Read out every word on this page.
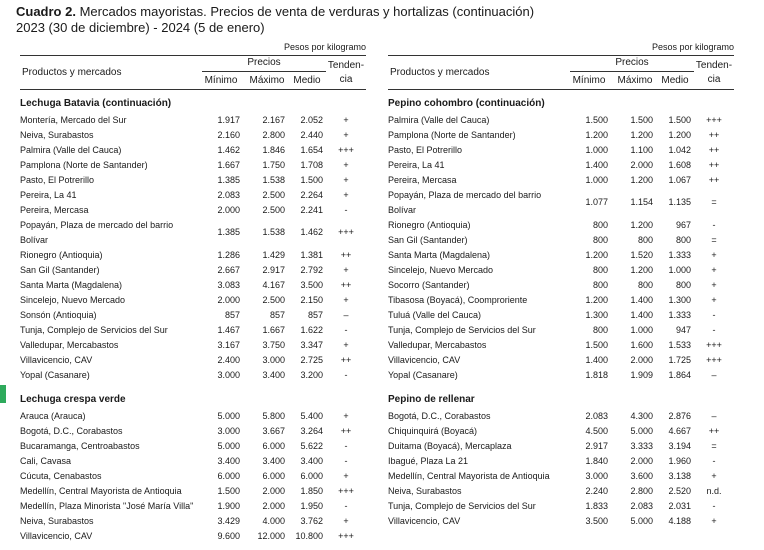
Cuadro 2. Mercados mayoristas. Precios de venta de verduras y hortalizas (continuación)
2023 (30 de diciembre) - 2024 (5 de enero)
Pesos por kilogramo
Productos y mercados
Precios
Mínimo	Máximo Medio
Tenden-
cia
Lechuga Batavia (continuación)
Montería, Mercado del Sur	1.917 2.167 2.052	+
Neiva, Surabastos	2.160 2.800 2.440	+
Palmira (Valle del Cauca)	1.462 1.846 1.654	+++
Pamplona (Norte de Santander)	1.667 1.750 1.708	+
Pasto, El Potrerillo	1.385 1.538 1.500	+
Pereira, La 41	2.083 2.500 2.264	+
Pereira, Mercasa	2.000 2.500 2.241	-
Popayán, Plaza de mercado del barrio Bolívar
1.385 1.538 1.462	+++
Rionegro (Antioquia)	1.286 1.429 1.381	++
San Gil (Santander)	2.667 2.917 2.792	+
Santa Marta (Magdalena)	3.083 4.167 3.500	++
Sincelejo, Nuevo Mercado	2.000 2.500 2.150	+
Sonsón (Antioquia)	857	857	857	–
Tunja, Complejo de Servicios del Sur	1.467 1.667 1.622	-
Valledupar, Mercabastos	3.167 3.750 3.347	+
Villavicencio, CAV	2.400 3.000 2.725	++
Yopal (Casanare)	3.000 3.400 3.200	-
Lechuga crespa verde
Arauca (Arauca)	5.000 5.800 5.400	+
Bogotá, D.C., Corabastos	3.000 3.667 3.264	++
Bucaramanga, Centroabastos	5.000 6.000 5.622	-
Cali, Cavasa	3.400 3.400 3.400	-
Cúcuta, Cenabastos	6.000 6.000 6.000	+
Medellín, Central Mayorista de Antioquia	1.500 2.000 1.850	+++
Medellín, Plaza Minorista "José María Villa"	1.900 2.000 1.950	-
Neiva, Surabastos	3.429 4.000 3.762	+
Villavicencio, CAV	9.600 12.000 10.800	+++
Pesos por kilogramo
Productos y mercados
Precios
Mínimo	Máximo Medio
Tenden-
cia
Pepino cohombro (continuación)
Palmira (Valle del Cauca)	1.500 1.500 1.500	+++
Pamplona (Norte de Santander)	1.200 1.200 1.200	++
Pasto, El Potrerillo	1.000 1.100 1.042	++
Pereira, La 41	1.400 2.000 1.608	++
Pereira, Mercasa	1.000 1.200 1.067	++
Popayán, Plaza de mercado del barrio Bolívar
1.077 1.154 1.135	=
Rionegro (Antioquia)	800 1.200	967	-
San Gil (Santander)	800	800	800	=
Santa Marta (Magdalena)	1.200 1.520 1.333	+
Sincelejo, Nuevo Mercado	800 1.200 1.000	+
Socorro (Santander)	800	800	800	+
Tibasosa (Boyacá), Coomproriente	1.200 1.400 1.300	+
Tuluá (Valle del Cauca)	1.300 1.400 1.333	-
Tunja, Complejo de Servicios del Sur	800 1.000	947	-
Valledupar, Mercabastos	1.500 1.600 1.533	+++
Villavicencio, CAV	1.400 2.000 1.725	+++
Yopal (Casanare)	1.818 1.909 1.864	–
Pepino de rellenar
Bogotá, D.C., Corabastos	2.083 4.300 2.876	–
Chiquinquirá (Boyacá)	4.500 5.000 4.667	++
Duitama (Boyacá), Mercaplaza	2.917 3.333 3.194	=
Ibagué, Plaza La 21	1.840 2.000 1.960	-
Medellín, Central Mayorista de Antioquia	3.000 3.600 3.138	+
Neiva, Surabastos	2.240 2.800 2.520	n.d.
Tunja, Complejo de Servicios del Sur	1.833 2.083 2.031	-
Villavicencio, CAV	3.500 5.000 4.188	+
